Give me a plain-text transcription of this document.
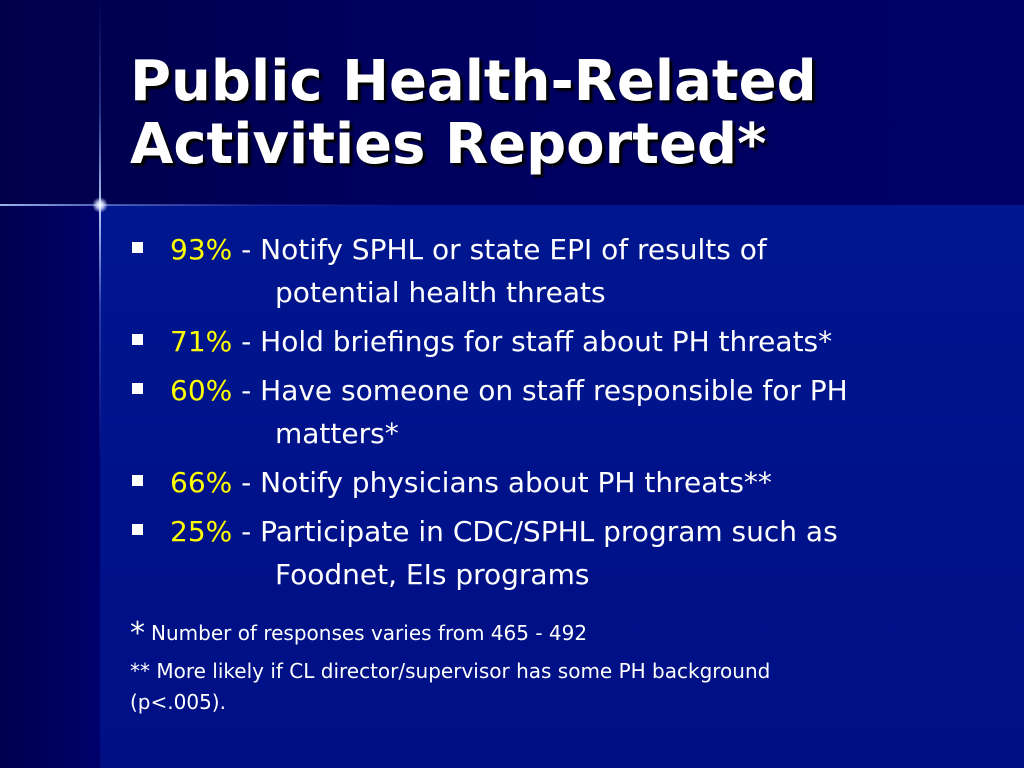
Public Health-Related
Activities Reported*
93% - Notify SPHL or state EPI of results of
potential health threats
71% - Hold briefings for staff about PH threats*
60% - Have someone on staff responsible for PH
matters*
66% - Notify physicians about PH threats**
25% - Participate in CDC/SPHL program such as
Foodnet, EIs programs
* Number of responses varies from 465 - 492
** More likely if CL director/supervisor has some PH background
(p<.005).
